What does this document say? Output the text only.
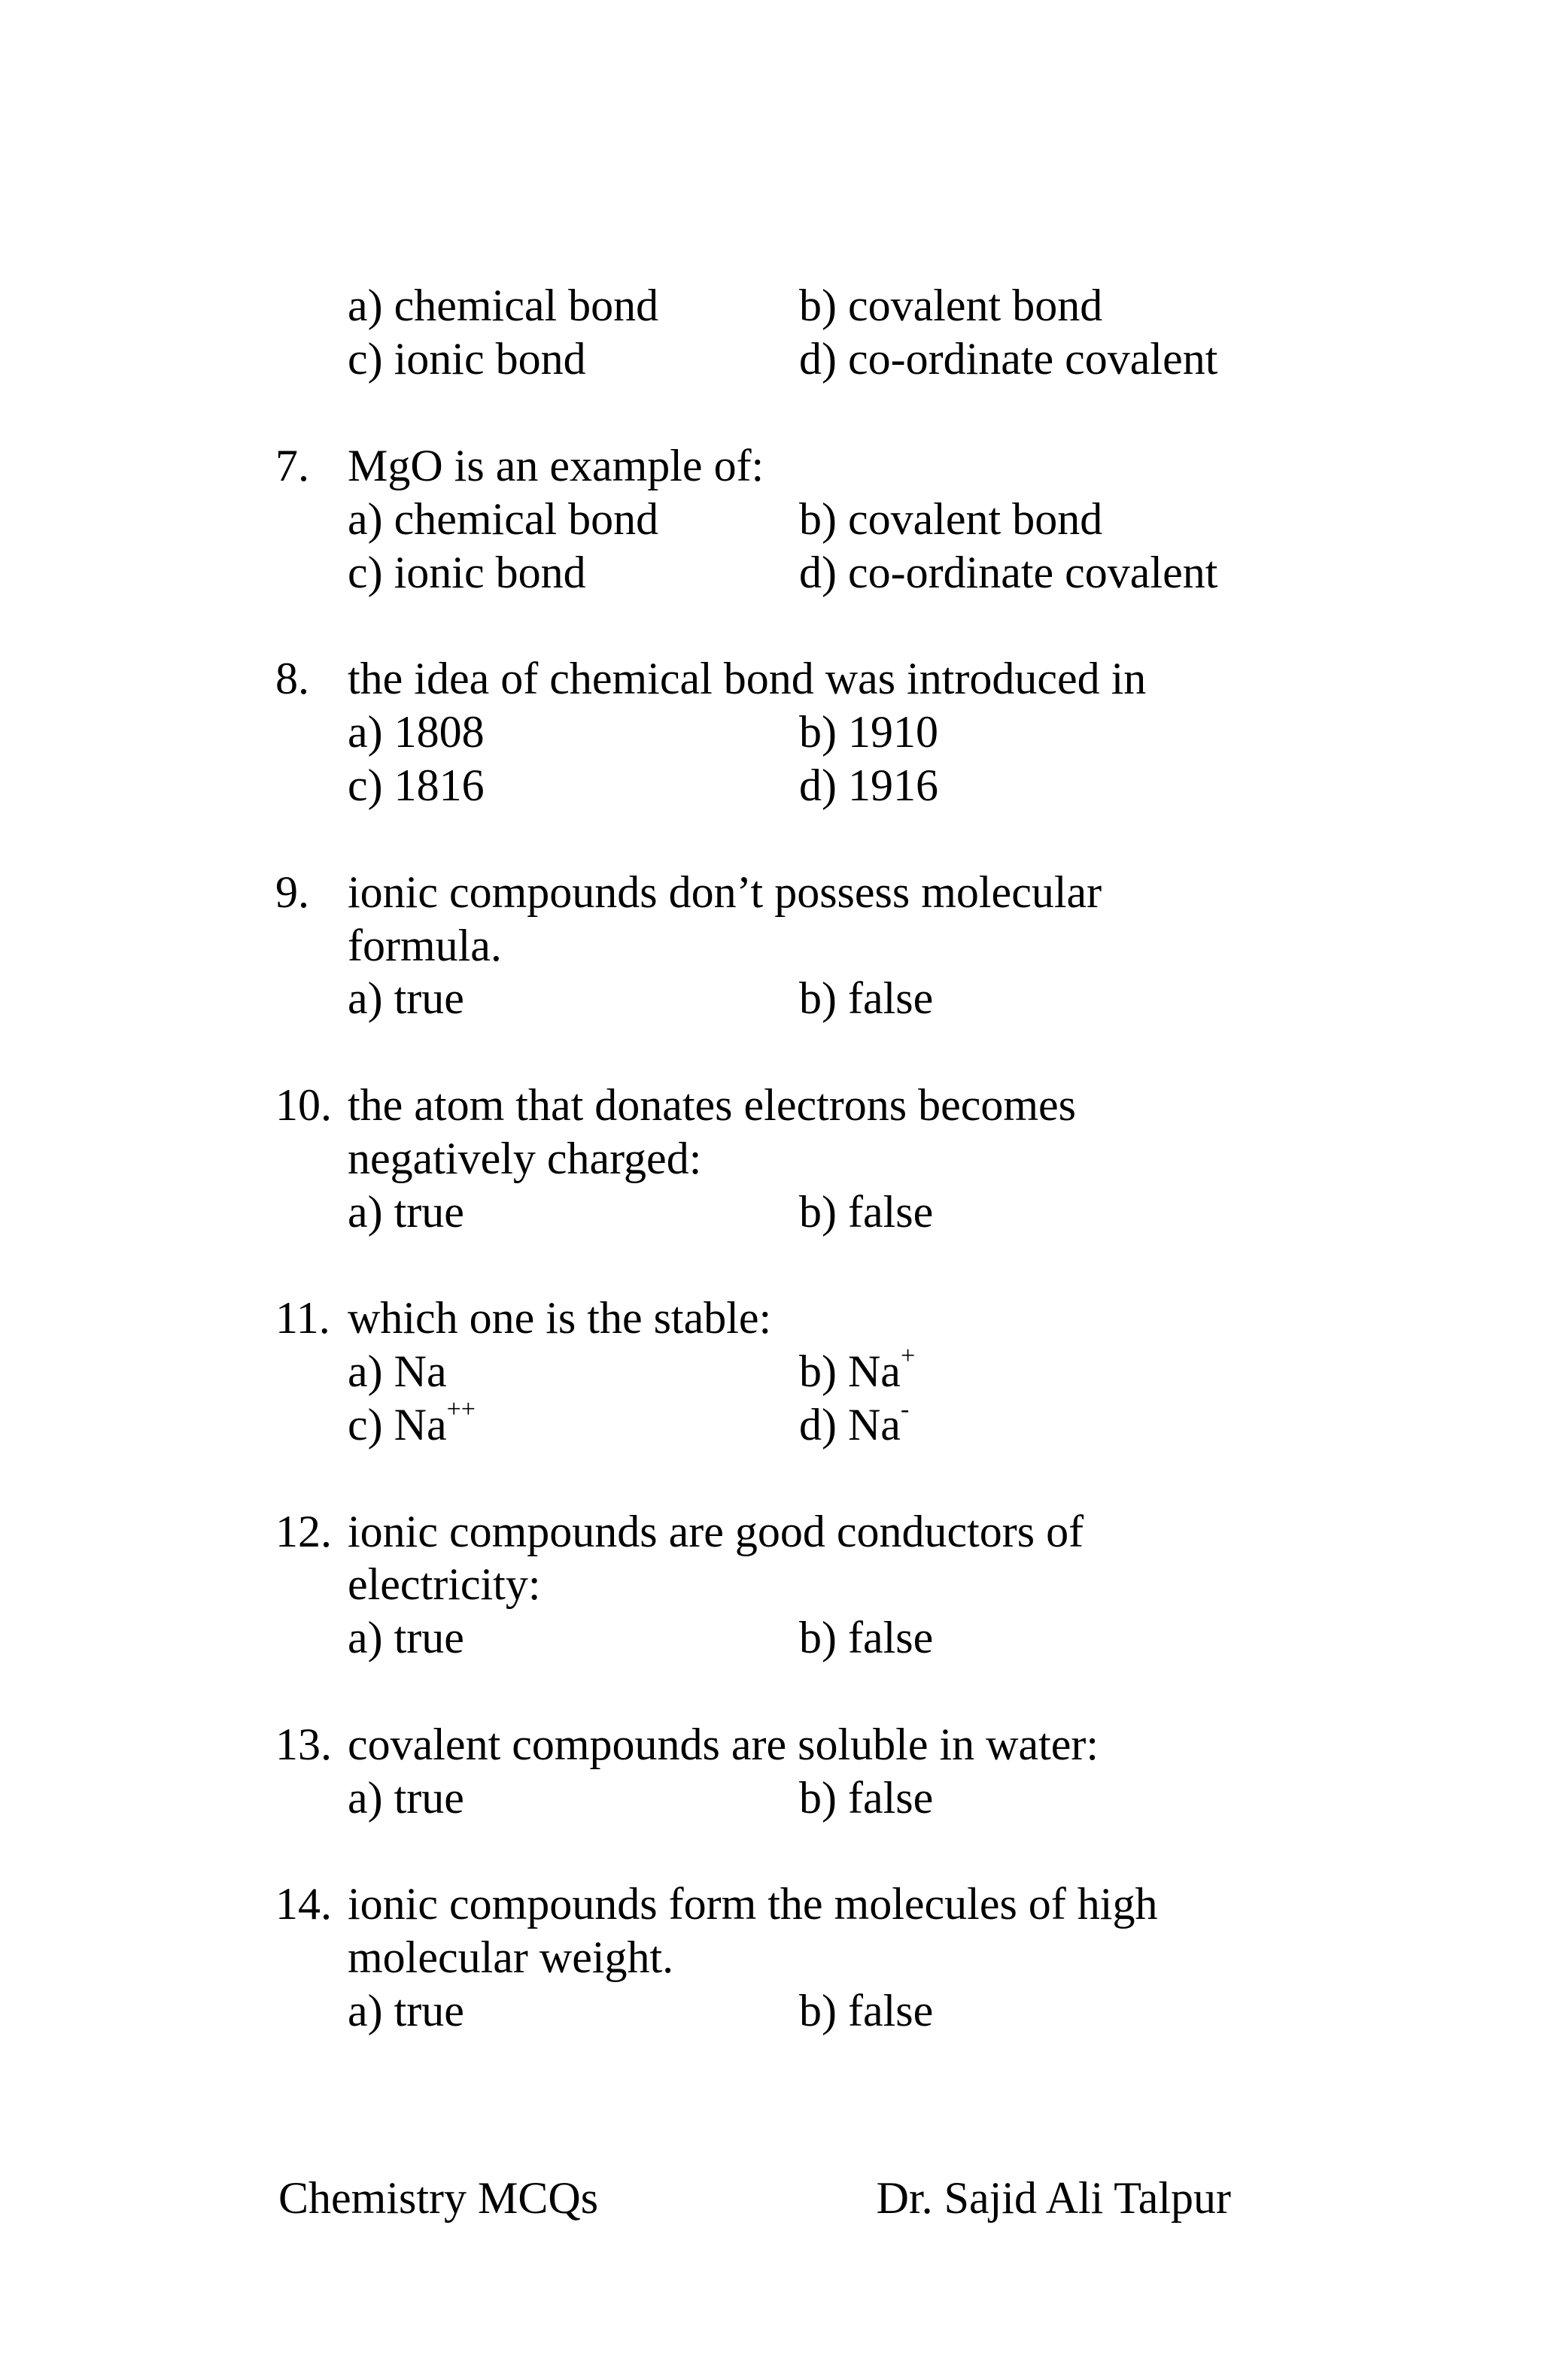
a) chemical bond	b) covalent bond
c) ionic bond	d) co-ordinate covalent
7. MgO is an example of:
a) chemical bond	b) covalent bond
c) ionic bond	d) co-ordinate covalent
8. the idea of chemical bond was introduced in
a) 1808	b) 1910
c) 1816	d) 1916
9. ionic compounds don’t possess molecular
formula.
a) true	b) false
10. the atom that donates electrons becomes
negatively charged:
a) true	b) false
11. which one is the stable:
a) Na	b) Na+
c) Na++	d) Na-
12. ionic compounds are good conductors of
electricity:
a) true	b) false
13. covalent compounds are soluble in water:
a) true	b) false
14. ionic compounds form the molecules of high
molecular weight.
a) true	b) false
Chemistry MCQs	Dr. Sajid Ali Talpur
